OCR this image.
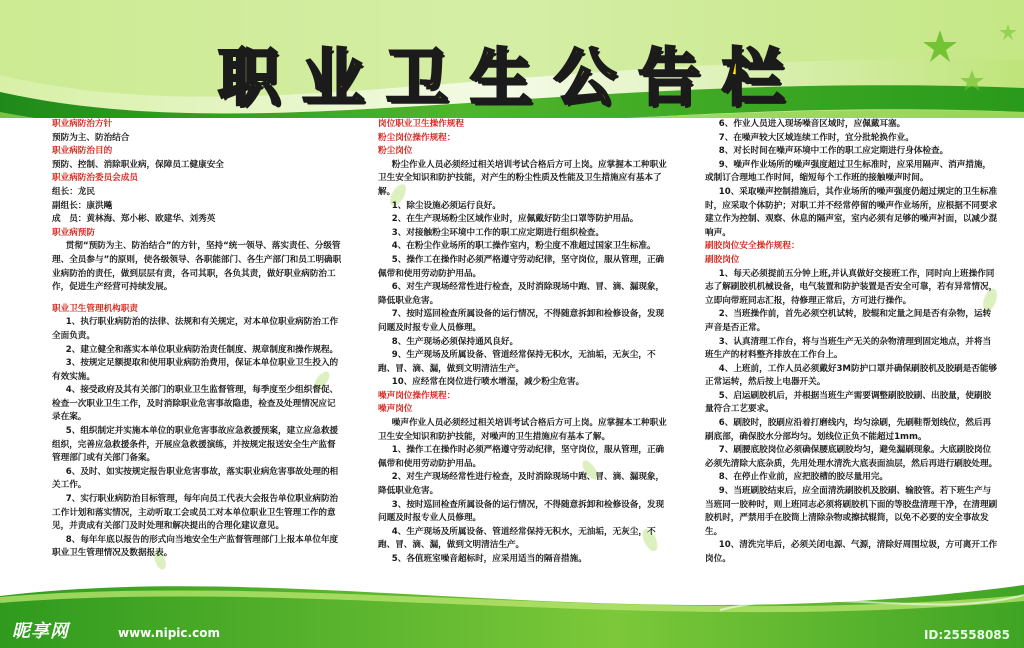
职业卫生公告栏
职业病防治方针
预防为主、防治结合
职业病防治目的
预防、控制、消除职业病，保障员工健康安全
职业病防治委员会成员
组长：龙民
副组长：康洪飚
成　员：黄林海、郑小彬、欧建华、刘秀英
职业病预防
贯彻“预防为主、防治结合”的方针，坚持“统一领导、落实责任、分级管理、全员参与”的原则，使各级领导、各职能部门、各生产部门和员工明确职业病防治的责任，做到层层有责，各司其职，各负其责，做好职业病防治工作，促进生产经营可持续发展。
职业卫生管理机构职责
1、执行职业病防治的法律、法规和有关规定，对本单位职业病防治工作全面负责。
2、建立健全和落实本单位职业病防治责任制度、规章制度和操作规程。
3、按规定足额提取和使用职业病防治费用，保证本单位职业卫生投入的有效实施。
4、接受政府及其有关部门的职业卫生监督管理，每季度至少组织督促、检查一次职业卫生工作，及时消除职业危害事故隐患，检查及处理情况应记录在案。
5、组织制定并实施本单位的职业危害事故应急救援预案，建立应急救援组织，完善应急救援条件，开展应急救援演练，并按规定报送安全生产监督管理部门或有关部门备案。
6、及时、如实按规定报告职业危害事故，落实职业病危害事故处理的相关工作。
7、实行职业病防治目标管理，每年向员工代表大会报告单位职业病防治工作计划和落实情况，主动听取工会或员工对本单位职业卫生管理工作的意见，并责成有关部门及时处理和解决提出的合理化建议意见。
8、每年年底以报告的形式向当地安全生产监督管理部门上报本单位年度职业卫生管理情况及数据报表。
岗位职业卫生操作规程
粉尘岗位操作规程：
粉尘岗位
粉尘作业人员必须经过相关培训考试合格后方可上岗。应掌握本工种职业卫生安全知识和防护技能，对产生的粉尘性质及性能及卫生措施应有基本了解。
1、除尘设施必须运行良好。
2、在生产现场粉尘区域作业时，应佩戴好防尘口罩等防护用品。
3、对接触粉尘环境中工作的职工应定期进行组织检查。
4、在粉尘作业场所的职工操作室内，粉尘度不准超过国家卫生标准。
5、操作工在操作时必须严格遵守劳动纪律，坚守岗位，服从管理，正确佩带和使用劳动防护用品。
6、对生产现场经常性进行检查，及时消除现场中跑、冒、滴、漏现象，降低职业危害。
7、按时巡回检查所属设备的运行情况，不得随意拆卸和检修设备，发现问题及时报专业人员修理。
8、生产现场必须保持通风良好。
9、生产现场及所属设备、管道经常保持无积水，无油垢，无灰尘，不跑、冒、滴、漏，做到文明清洁生产。
10、应经常在岗位进行喷水增湿，减少粉尘危害。
噪声岗位操作规程：
噪声岗位
噪声作业人员必须经过相关培训考试合格后方可上岗。应掌握本工种职业卫生安全知识和防护技能，对噪声的卫生措施应有基本了解。
1、操作工在操作时必须严格遵守劳动纪律，坚守岗位，服从管理，正确佩带和使用劳动防护用品。
2、对生产现场经常性进行检查，及时消除现场中跑、冒、滴、漏现象，降低职业危害。
3、按时巡回检查所属设备的运行情况，不得随意拆卸和检修设备，发现问题及时报专业人员修理。
4、生产现场及所属设备、管道经常保持无积水，无油垢，无灰尘，不跑、冒、滴、漏，做到文明清洁生产。
5、各值班室噪音超标时，应采用适当的隔音措施。
6、作业人员进入现场噪音区域时，应佩戴耳塞。
7、在噪声较大区域连续工作时，宜分批轮换作业。
8、对长时间在噪声环境中工作的职工应定期进行身体检查。
9、噪声作业场所的噪声强度超过卫生标准时，应采用隔声、消声措施，或制订合理地工作时间，缩短每个工作班的接触噪声时间。
10、采取噪声控制措施后，其作业场所的噪声强度仍超过规定的卫生标准时，应采取个体防护；对职工并不经常停留的噪声作业场所，应根据不同要求建立作为控制、观察、休息的隔声室，室内必须有足够的噪声衬面，以减少混响声。
刷胶岗位安全操作规程：
刷胶岗位
1、每天必须提前五分钟上班,并认真做好交接班工作，同时向上班操作同志了解刷胶机机械设备，电气装置和防护装置是否安全可靠，若有异常情况，立即向带班同志汇报，待修理正常后，方可进行操作。
2、当班操作前，首先必须空机试转，胶辊和定量之间是否有杂物，运转声音是否正常。
3、认真清理工作台，将与当班生产无关的杂物清理到固定地点，并将当班生产的材料整齐排放在工作台上。
4、上班前，工作人员必须戴好3M防护口罩并确保刷胶机及胶刷是否能够正常运转，然后按上电器开关。
5、启运刷胶机后，并根据当班生产需要调整刷胶胶刷、出胶量，使刷胶量符合工艺要求。
6、刷胶时，胶刷应沿着打磨线内，均匀涂刷，先刷鞋帮划线位，然后再刷底部，确保胶水分部均匀。划线位正负不能超过1mm。
7、刷腰底胶岗位必须确保腰底刷胶均匀，避免漏刷现象。大底刷胶岗位必须先清除大底杂质，先用处理水清洗大底表面油层，然后再进行刷胶处理。
8、在停止作业前，应把胶槽的胶尽量用完。
9、当班刷胶结束后，应全面清洗刷胶机及胶刷、输胶管。若下班生产与当班同一胶种时，则上班同志必须将刷胶机下面的等胶盘清理干净，在清理刷胶机时，严禁用手在胶筒上清除杂物或擦拭辊筒，以免不必要的安全事故发生。
10、清洗完毕后，必须关闭电源、气源，清除好周围垃圾，方可离开工作岗位。
昵享网	www.nipic.com	ID:25558085
